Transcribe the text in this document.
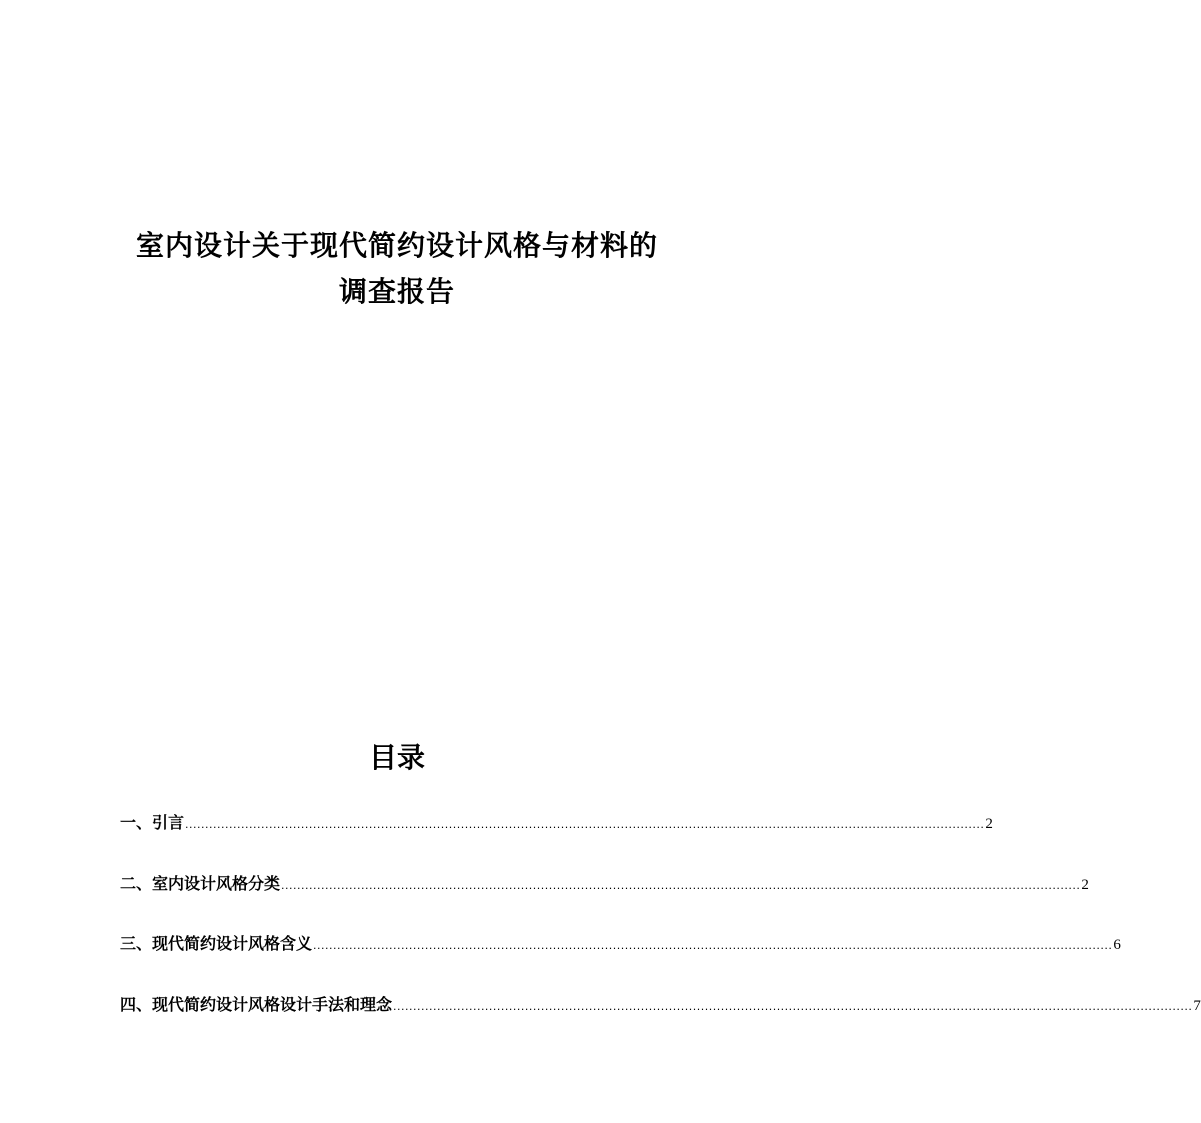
室内设计关于现代简约设计风格与材料的
调查报告
目录
一、引言 ........................................................................................................................................................................................................ 2
二、室内设计风格分类 ........................................................................................................................................................................................................ 2
三、现代简约设计风格含义 ........................................................................................................................................................................................................ 6
四、现代简约设计风格设计手法和理念 ........................................................................................................................................................................................................ 7
